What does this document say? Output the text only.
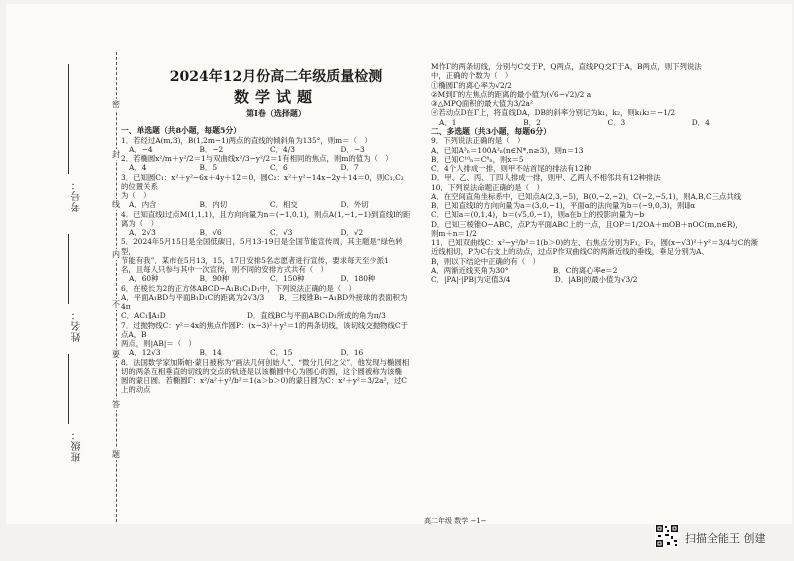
考号：
姓名：
班级：
密
封
线
内
不
要
答
题
2024年12月份高二年级质量检测
数学试题
第Ⅰ卷（选择题）

一、单选题（共8小题，每题5分）

1．若经过A(m,3)，B(1,2m−1)两点的直线的倾斜角为135°，则m＝（　）

A．−4	B．−2	C．4/3	D．−3

2．若椭圆x²/m＋y²/2＝1与双曲线x²/3−y²/2＝1有相同的焦点，则m的值为（　）

A．4	B．5	C．6	D．7

3．已知圆C₁：x²＋y²−6x＋4y＋12＝0，圆C₂：x²＋y²−14x−2y＋14＝0，则C₁,C₂的位置关系

为（　）

A．内含	B．内切	C．相交	D．外切

4．已知直线l过点M(1,1,1)，且方向向量为n＝(−1,0,1)，则点A(1,−1,−1)到直线l的距离为（　）

A．2√3	B．√6	C．√3	D．√2

5．2024年5月15日是全国低碳日，5月13-19日是全国节能宣传周，其主题是“绿色转型，

节能有我”．某市在5月13，15，17日安排5名志愿者进行宣传，要求每天至少派1

名，且每人只参与其中一次宣传，则不同的安排方式共有（　）

A．60种	B．90种	C．150种	D．180种

6．在棱长为2的正方体ABCD−A₁B₁C₁D₁中，下列说法正确的是（　）

A．平面A₁BD与平面B₁D₁C的距离为2√3/3　　B．三棱锥B₁−A₁BD外接球的表面积为4π

C．AC₁∥A₁D　　　　　　　　　　　D．直线BC与平面ABC₁D₁所成的角为π/3

7．过抛物线C：y²＝4x的焦点作圆P：(x−3)²＋y²＝1的两条切线，该切线交抛物线C于点A，B

两点，则|AB|＝（　）

A．12√3	B．14	C．15	D．16

8．法国数学家加斯帕·蒙日被称为“画法几何创始人”、“微分几何之父”．他发现与椭圆相

切的两条互相垂直的切线的交点的轨迹是以该椭圆中心为圆心的圆，这个圆被称为该椭

圆的蒙日圆．若椭圆Γ：x²/a²＋y²/b²＝1(a＞b＞0)的蒙日圆为C：x²＋y²＝3/2a²，过C上的动点

M作Γ的两条切线，分别与C交于P，Q两点，直线PQ交Γ于A，B两点，则下列说法

中，正确的个数为（　）

①椭圆Γ的离心率为√2/2

②M到Γ的左焦点的距离的最小值为(√6−√2)/2 a

③△MPQ面积的最大值为3/2a²

④若动点D在Γ上，将直线DA，DB的斜率分别记为k₁，k₂，则k₁k₂＝−1/2

A．1	B．2	C．3	D．4

二、多选题（共3小题，每题6分）

9．下列说法正确的是（　）

A．已知A³ₙ＝100A²ₙ(n∈N*,n≥3)，则n＝13

B．已知C¹⁰ₙ＝C⁸ₙ，则x＝5

C．4个人排成一排，则甲不站首尾的排法有12种

D．甲、乙、丙、丁四人排成一排，则甲、乙两人不相邻共有12种排法

10．下列说法命题正确的是（　）

A．在空间直角坐标系中，已知点A(2,3,−5)，B(0,−2,−2)，C(−2,−5,1)，则A,B,C三点共线

B．已知直线l的方向向量为a＝(3,0,−1)，平面α的法向量为b＝(−9,0,3)，则l∥α

C．已知a＝(0,1,4)，b＝(√5,0,−1)，则a在b上的投影向量为−b

D．已知三棱锥O−ABC，点P为平面ABC上的一点，且OP＝1/2OA＋mOB＋nOC(m,n∈R)，

则m＋n＝1/2

11．已知双曲线C：x²−y²/b²＝1(b＞0)的左、右焦点分别为F₁，F₂，圆(x−√3)²＋y²＝3/4与C的渐

近线相切，P为C右支上的动点，过点P作双曲线C的两渐近线的垂线，垂足分别为A、

B，则以下结论中正确的有（　）

A．两渐近线夹角为30°　　　　　　B．C的离心率e＝2

C．|PA|·|PB|为定值3/4　　　　　　D．|AB|的最小值为√3/2

高二年级 数学 −1−
扫描全能王 创建
